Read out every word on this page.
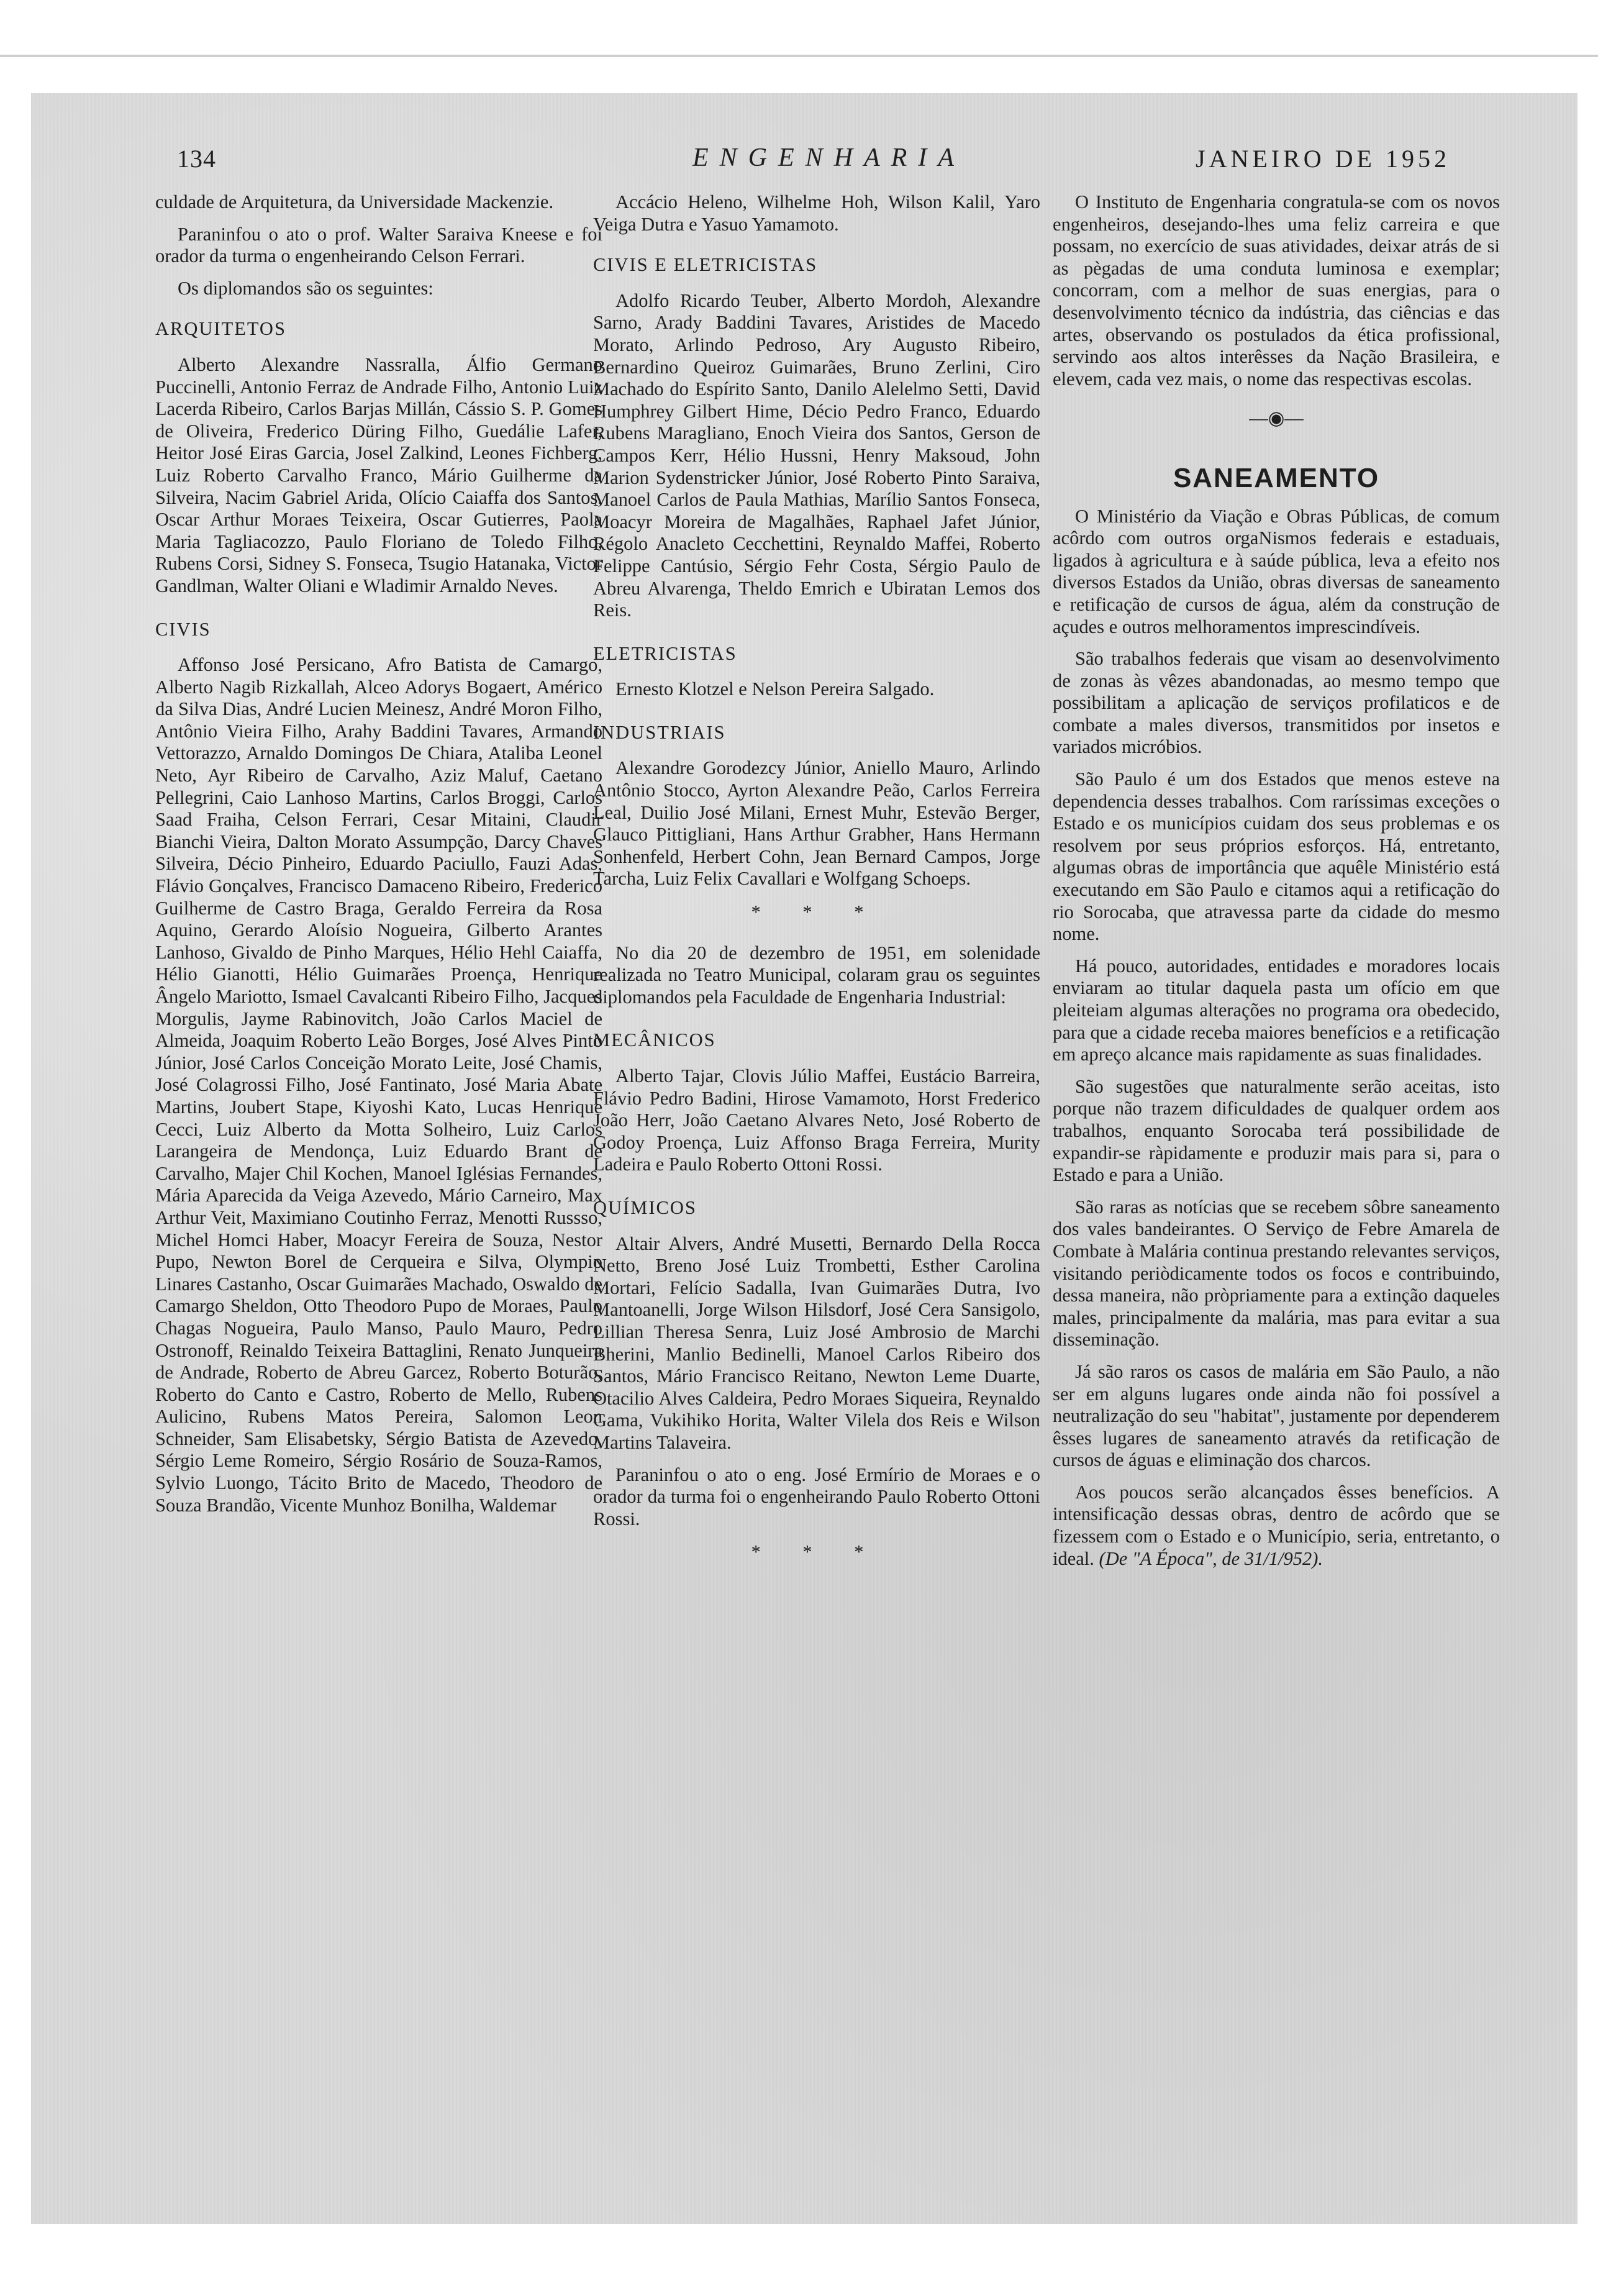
134	ENGENHARIA	JANEIRO DE 1952

culdade de Arquitetura, da Universidade Mackenzie.

Paraninfou o ato o prof. Walter Saraiva Kneese e foi orador da turma o engenheirando Celson Ferrari.

Os diplomandos são os seguintes:

ARQUITETOS

Alberto Alexandre Nassralla, Álfio Germano Puccinelli, Antonio Ferraz de Andrade Filho, Antonio Luiz Lacerda Ribeiro, Carlos Barjas Millán, Cássio S. P. Gomes de Oliveira, Frederico Düring Filho, Guedálie Lafer, Heitor José Eiras Garcia, Josel Zalkind, Leones Fichberg, Luiz Roberto Carvalho Franco, Mário Guilherme da Silveira, Nacim Gabriel Arida, Olício Caiaffa dos Santos, Oscar Arthur Moraes Teixeira, Oscar Gutierres, Paola Maria Tagliacozzo, Paulo Floriano de Toledo Filho, Rubens Corsi, Sidney S. Fonseca, Tsugio Hatanaka, Victor Gandlman, Walter Oliani e Wladimir Arnaldo Neves.

CIVIS

Affonso José Persicano, Afro Batista de Camargo, Alberto Nagib Rizkallah, Alceo Adorys Bogaert, Américo da Silva Dias, André Lucien Meinesz, André Moron Filho, Antônio Vieira Filho, Arahy Baddini Tavares, Armando Vettorazzo, Arnaldo Domingos De Chiara, Ataliba Leonel Neto, Ayr Ribeiro de Carvalho, Aziz Maluf, Caetano Pellegrini, Caio Lanhoso Martins, Carlos Broggi, Carlos Saad Fraiha, Celson Ferrari, Cesar Mitaini, Claudir Bianchi Vieira, Dalton Morato Assumpção, Darcy Chaves Silveira, Décio Pinheiro, Eduardo Paciullo, Fauzi Adas, Flávio Gonçalves, Francisco Damaceno Ribeiro, Frederico Guilherme de Castro Braga, Geraldo Ferreira da Rosa Aquino, Gerardo Aloísio Nogueira, Gilberto Arantes Lanhoso, Givaldo de Pinho Marques, Hélio Hehl Caiaffa, Hélio Gianotti, Hélio Guimarães Proença, Henrique Ângelo Mariotto, Ismael Cavalcanti Ribeiro Filho, Jacques Morgulis, Jayme Rabinovitch, João Carlos Maciel de Almeida, Joaquim Roberto Leão Borges, José Alves Pinto Júnior, José Carlos Conceição Morato Leite, José Chamis, José Colagrossi Filho, José Fantinato, José Maria Abate Martins, Joubert Stape, Kiyoshi Kato, Lucas Henrique Cecci, Luiz Alberto da Motta Solheiro, Luiz Carlos Larangeira de Mendonça, Luiz Eduardo Brant de Carvalho, Majer Chil Kochen, Manoel Iglésias Fernandes, Mária Aparecida da Veiga Azevedo, Mário Carneiro, Max Arthur Veit, Maximiano Coutinho Ferraz, Menotti Russso, Michel Homci Haber, Moacyr Fereira de Souza, Nestor Pupo, Newton Borel de Cerqueira e Silva, Olympio Linares Castanho, Oscar Guimarães Machado, Oswaldo de Camargo Sheldon, Otto Theodoro Pupo de Moraes, Paulo Chagas Nogueira, Paulo Manso, Paulo Mauro, Pedro Ostronoff, Reinaldo Teixeira Battaglini, Renato Junqueira de Andrade, Roberto de Abreu Garcez, Roberto Boturão, Roberto do Canto e Castro, Roberto de Mello, Rubens Aulicino, Rubens Matos Pereira, Salomon Leon Schneider, Sam Elisabetsky, Sérgio Batista de Azevedo, Sérgio Leme Romeiro, Sérgio Rosário de Souza-Ramos, Sylvio Luongo, Tácito Brito de Macedo, Theodoro de Souza Brandão, Vicente Munhoz Bonilha, Waldemar

Accácio Heleno, Wilhelme Hoh, Wilson Kalil, Yaro Veiga Dutra e Yasuo Yamamoto.

CIVIS E ELETRICISTAS

Adolfo Ricardo Teuber, Alberto Mordoh, Alexandre Sarno, Arady Baddini Tavares, Aristides de Macedo Morato, Arlindo Pedroso, Ary Augusto Ribeiro, Bernardino Queiroz Guimarães, Bruno Zerlini, Ciro Machado do Espírito Santo, Danilo Alelelmo Setti, David Humphrey Gilbert Hime, Décio Pedro Franco, Eduardo Rubens Maragliano, Enoch Vieira dos Santos, Gerson de Campos Kerr, Hélio Hussni, Henry Maksoud, John Marion Sydenstricker Júnior, José Roberto Pinto Saraiva, Manoel Carlos de Paula Mathias, Marílio Santos Fonseca, Moacyr Moreira de Magalhães, Raphael Jafet Júnior, Régolo Anacleto Cecchettini, Reynaldo Maffei, Roberto Felippe Cantúsio, Sérgio Fehr Costa, Sérgio Paulo de Abreu Alvarenga, Theldo Emrich e Ubiratan Lemos dos Reis.

ELETRICISTAS

Ernesto Klotzel e Nelson Pereira Salgado.

INDUSTRIAIS

Alexandre Gorodezcy Júnior, Aniello Mauro, Arlindo Antônio Stocco, Ayrton Alexandre Peão, Carlos Ferreira Leal, Duilio José Milani, Ernest Muhr, Estevão Berger, Glauco Pittigliani, Hans Arthur Grabher, Hans Hermann Sonhenfeld, Herbert Cohn, Jean Bernard Campos, Jorge Tarcha, Luiz Felix Cavallari e Wolfgang Schoeps.

* * *

No dia 20 de dezembro de 1951, em solenidade realizada no Teatro Municipal, colaram grau os seguintes diplomandos pela Faculdade de Engenharia Industrial:

MECÂNICOS

Alberto Tajar, Clovis Júlio Maffei, Eustácio Barreira, Flávio Pedro Badini, Hirose Vamamoto, Horst Frederico João Herr, João Caetano Alvares Neto, José Roberto de Godoy Proença, Luiz Affonso Braga Ferreira, Murity Ladeira e Paulo Roberto Ottoni Rossi.

QUÍMICOS

Altair Alvers, André Musetti, Bernardo Della Rocca Netto, Breno José Luiz Trombetti, Esther Carolina Mortari, Felício Sadalla, Ivan Guimarães Dutra, Ivo Mantoanelli, Jorge Wilson Hilsdorf, José Cera Sansigolo, Lillian Theresa Senra, Luiz José Ambrosio de Marchi Bherini, Manlio Bedinelli, Manoel Carlos Ribeiro dos Santos, Mário Francisco Reitano, Newton Leme Duarte, Otacilio Alves Caldeira, Pedro Moraes Siqueira, Reynaldo Gama, Vukihiko Horita, Walter Vilela dos Reis e Wilson Martins Talaveira.

Paraninfou o ato o eng. José Ermírio de Moraes e o orador da turma foi o engenheirando Paulo Roberto Ottoni Rossi.

* * *

O Instituto de Engenharia congratula-se com os novos engenheiros, desejando-lhes uma feliz carreira e que possam, no exercício de suas atividades, deixar atrás de si as pègadas de uma conduta luminosa e exemplar; concorram, com a melhor de suas energias, para o desenvolvimento técnico da indústria, das ciências e das artes, observando os postulados da ética profissional, servindo aos altos interêsses da Nação Brasileira, e elevem, cada vez mais, o nome das respectivas escolas.

—◉—
SANEAMENTO

O Ministério da Viação e Obras Públicas, de comum acôrdo com outros orgaNismos federais e estaduais, ligados à agricultura e à saúde pública, leva a efeito nos diversos Estados da União, obras diversas de saneamento e retificação de cursos de água, além da construção de açudes e outros melhoramentos imprescindíveis.

São trabalhos federais que visam ao desenvolvimento de zonas às vêzes abandonadas, ao mesmo tempo que possibilitam a aplicação de serviços profilaticos e de combate a males diversos, transmitidos por insetos e variados micróbios.

São Paulo é um dos Estados que menos esteve na dependencia desses trabalhos. Com raríssimas exceções o Estado e os municípios cuidam dos seus problemas e os resolvem por seus próprios esforços. Há, entretanto, algumas obras de importância que aquêle Ministério está executando em São Paulo e citamos aqui a retificação do rio Sorocaba, que atravessa parte da cidade do mesmo nome.

Há pouco, autoridades, entidades e moradores locais enviaram ao titular daquela pasta um ofício em que pleiteiam algumas alterações no programa ora obedecido, para que a cidade receba maiores benefícios e a retificação em apreço alcance mais rapidamente as suas finalidades.

São sugestões que naturalmente serão aceitas, isto porque não trazem dificuldades de qualquer ordem aos trabalhos, enquanto Sorocaba terá possibilidade de expandir-se ràpidamente e produzir mais para si, para o Estado e para a União.

São raras as notícias que se recebem sôbre saneamento dos vales bandeirantes. O Serviço de Febre Amarela de Combate à Malária continua prestando relevantes serviços, visitando periòdicamente todos os focos e contribuindo, dessa maneira, não pròpriamente para a extinção daqueles males, principalmente da malária, mas para evitar a sua disseminação.

Já são raros os casos de malária em São Paulo, a não ser em alguns lugares onde ainda não foi possível a neutralização do seu "habitat", justamente por dependerem êsses lugares de saneamento através da retificação de cursos de águas e eliminação dos charcos.

Aos poucos serão alcançados êsses benefícios. A intensificação dessas obras, dentro de acôrdo que se fizessem com o Estado e o Município, seria, entretanto, o ideal. (De "A Época", de 31/1/952).
